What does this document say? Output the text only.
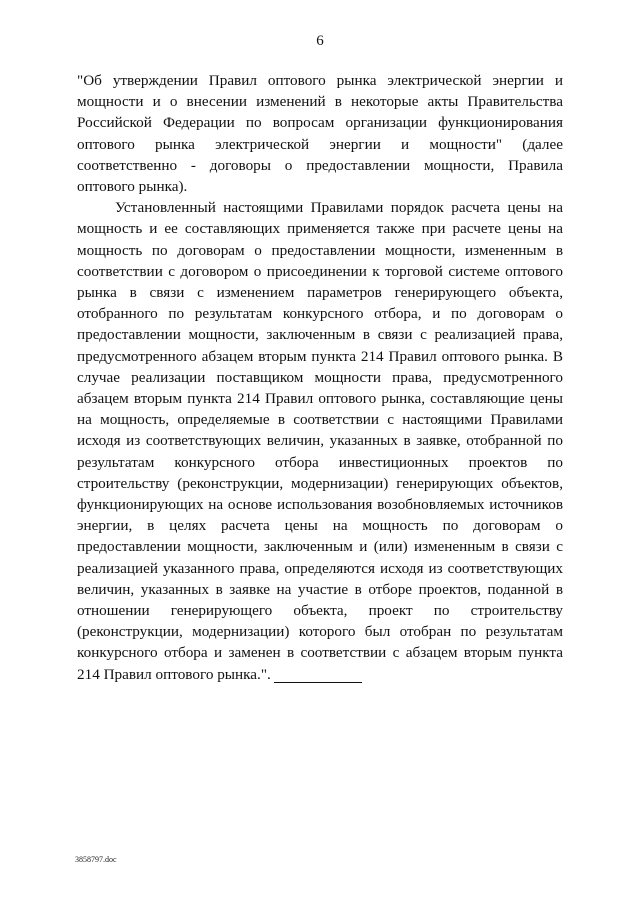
6

"Об утверждении Правил оптового рынка электрической энергии и мощности и о внесении изменений в некоторые акты Правительства Российской Федерации по вопросам организации функционирования оптового рынка электрической энергии и мощности" (далее соответственно - договоры о предоставлении мощности, Правила оптового рынка).

Установленный настоящими Правилами порядок расчета цены на мощность и ее составляющих применяется также при расчете цены на мощность по договорам о предоставлении мощности, измененным в соответствии с договором о присоединении к торговой системе оптового рынка в связи с изменением параметров генерирующего объекта, отобранного по результатам конкурсного отбора, и по договорам о предоставлении мощности, заключенным в связи с реализацией права, предусмотренного абзацем вторым пункта 214 Правил оптового рынка. В случае реализации поставщиком мощности права, предусмотренного абзацем вторым пункта 214 Правил оптового рынка, составляющие цены на мощность, определяемые в соответствии с настоящими Правилами исходя из соответствующих величин, указанных в заявке, отобранной по результатам конкурсного отбора инвестиционных проектов по строительству (реконструкции, модернизации) генерирующих объектов, функционирующих на основе использования возобновляемых источников энергии, в целях расчета цены на мощность по договорам о предоставлении мощности, заключенным и (или) измененным в связи с реализацией указанного права, определяются исходя из соответствующих величин, указанных в заявке на участие в отборе проектов, поданной в отношении генерирующего объекта, проект по строительству (реконструкции, модернизации) которого был отобран по результатам конкурсного отбора и заменен в соответствии с абзацем вторым пункта 214 Правил оптового рынка.".

3858797.doc
